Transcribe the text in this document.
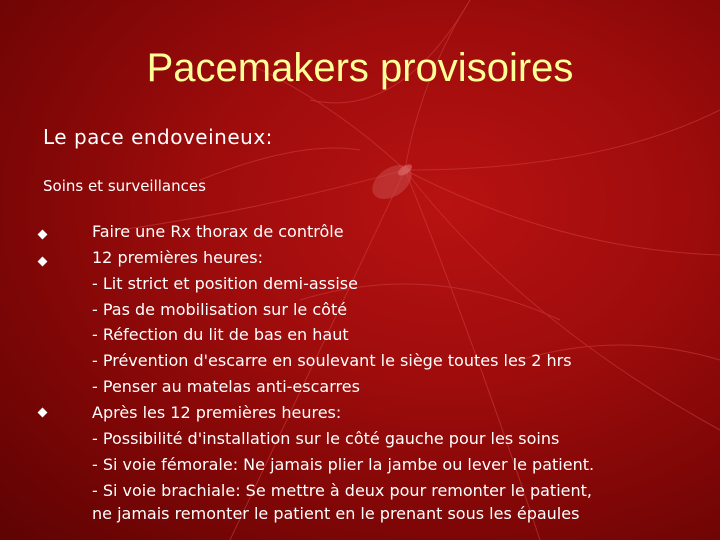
Pacemakers provisoires
Le pace endoveineux:
Soins et surveillances
Faire une Rx thorax de contrôle
12 premières heures:
- Lit strict et position demi-assise
- Pas de mobilisation sur le côté
- Réfection du lit de bas en haut
- Prévention d'escarre en soulevant le siège toutes les 2 hrs
- Penser au matelas anti-escarres
Après les 12 premières heures:
- Possibilité d'installation sur le côté gauche pour les soins
- Si voie fémorale: Ne jamais plier la jambe ou lever le patient.
- Si voie brachiale: Se mettre à deux pour remonter le patient,
ne jamais remonter le patient en le prenant sous les épaules
